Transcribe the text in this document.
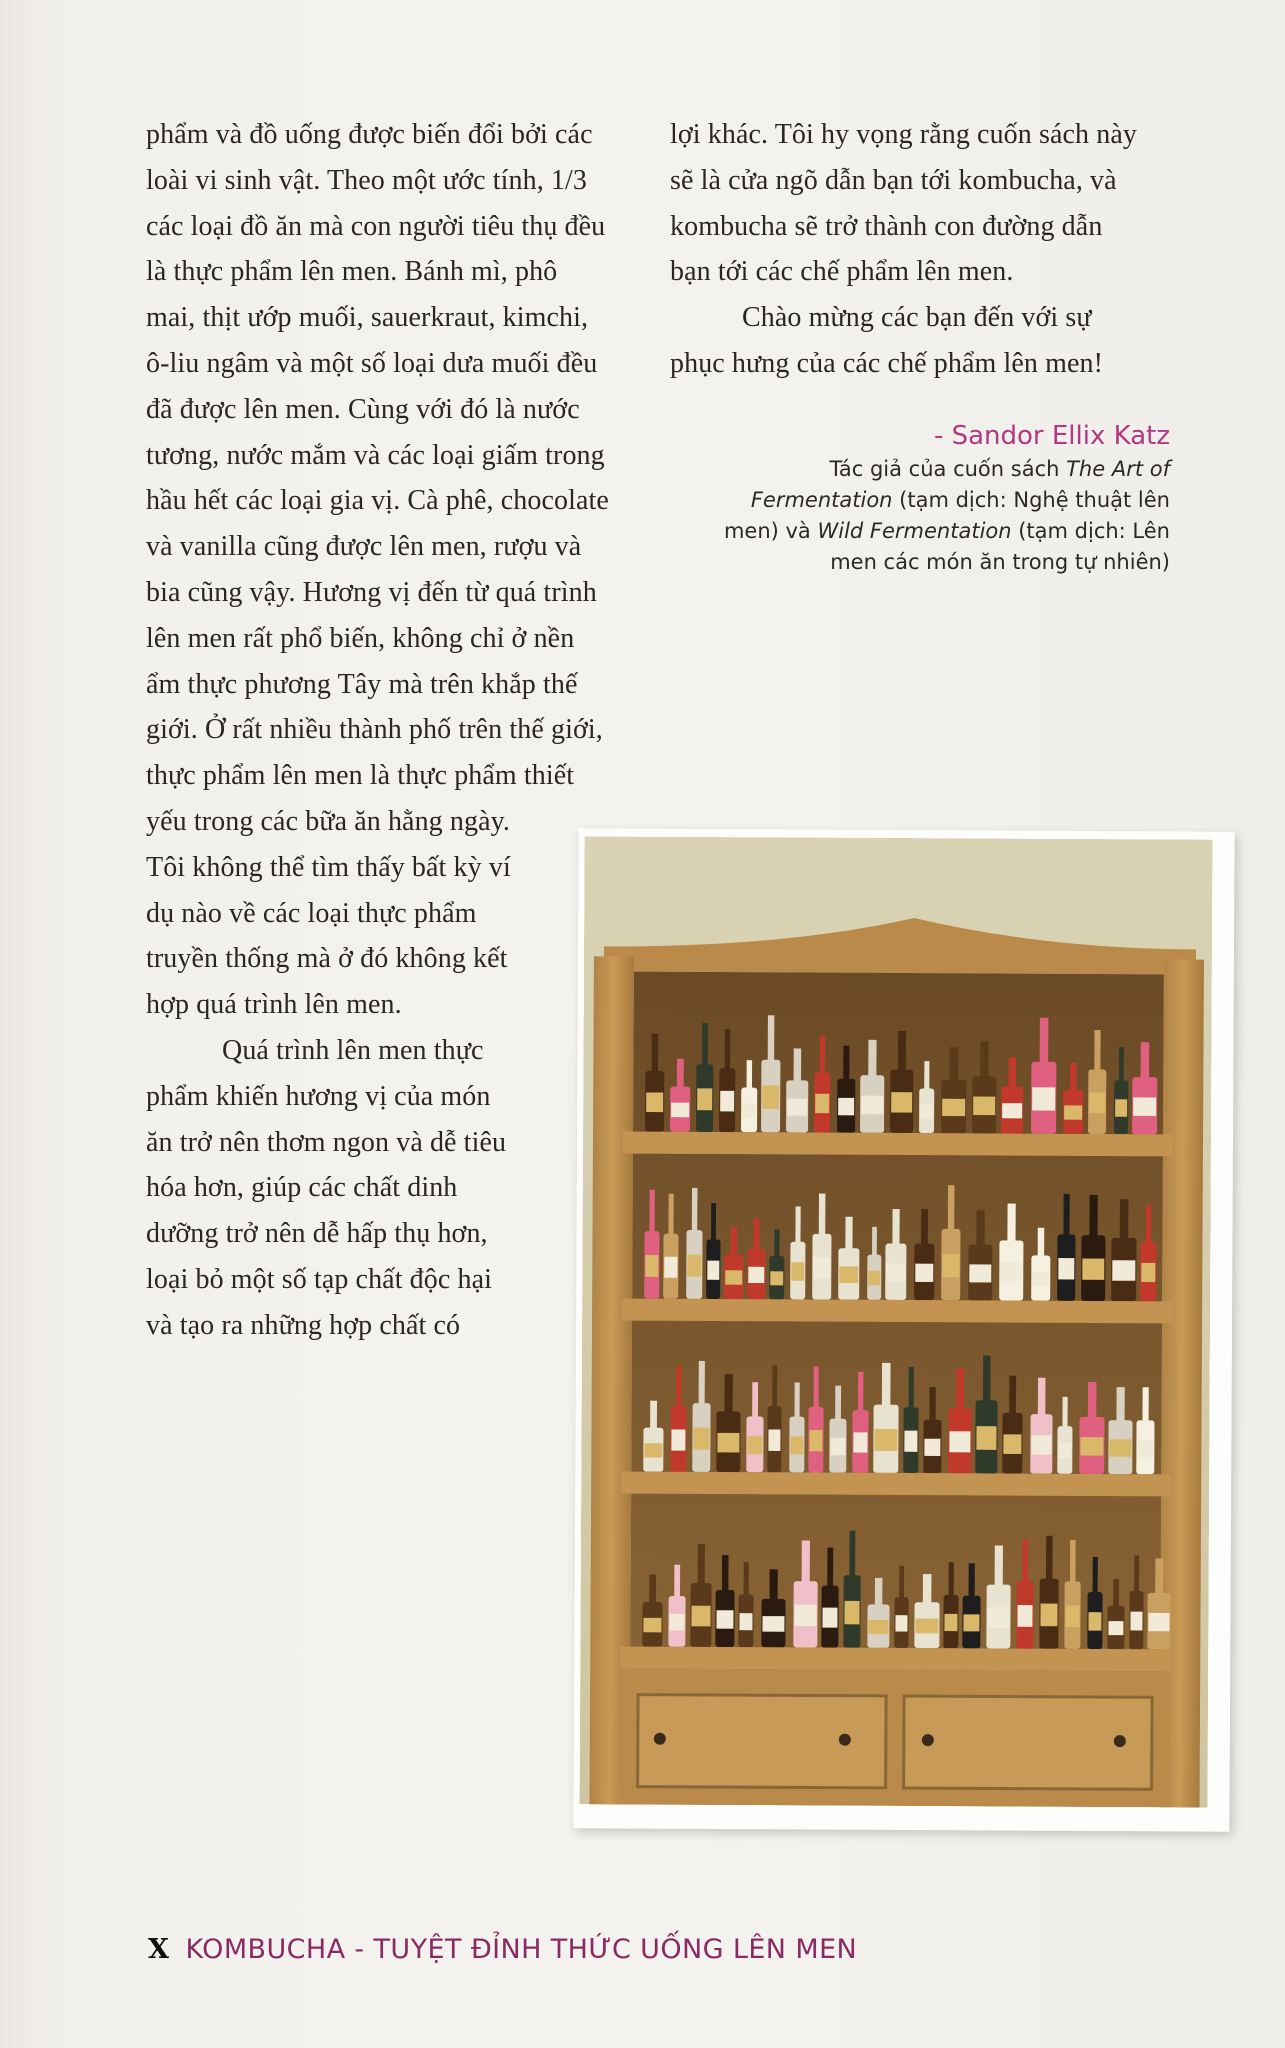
phẩm và đồ uống được biến đổi bởi các
loài vi sinh vật. Theo một ước tính, 1/3
các loại đồ ăn mà con người tiêu thụ đều
là thực phẩm lên men. Bánh mì, phô
mai, thịt ướp muối, sauerkraut, kimchi,
ô-liu ngâm và một số loại dưa muối đều
đã được lên men. Cùng với đó là nước
tương, nước mắm và các loại giấm trong
hầu hết các loại gia vị. Cà phê, chocolate
và vanilla cũng được lên men, rượu và
bia cũng vậy. Hương vị đến từ quá trình
lên men rất phổ biến, không chỉ ở nền
ẩm thực phương Tây mà trên khắp thế
giới. Ở rất nhiều thành phố trên thế giới,
thực phẩm lên men là thực phẩm thiết
yếu trong các bữa ăn hằng ngày.
Tôi không thể tìm thấy bất kỳ ví
dụ nào về các loại thực phẩm
truyền thống mà ở đó không kết
hợp quá trình lên men.
Quá trình lên men thực
phẩm khiến hương vị của món
ăn trở nên thơm ngon và dễ tiêu
hóa hơn, giúp các chất dinh
dưỡng trở nên dễ hấp thụ hơn,
loại bỏ một số tạp chất độc hại
và tạo ra những hợp chất có
lợi khác. Tôi hy vọng rằng cuốn sách này
sẽ là cửa ngõ dẫn bạn tới kombucha, và
kombucha sẽ trở thành con đường dẫn
bạn tới các chế phẩm lên men.
Chào mừng các bạn đến với sự
phục hưng của các chế phẩm lên men!
- Sandor Ellix Katz
Tác giả của cuốn sách The Art of
Fermentation (tạm dịch: Nghệ thuật lên
men) và Wild Fermentation (tạm dịch: Lên
men các món ăn trong tự nhiên)
X KOMBUCHA - TUYỆT ĐỈNH THỨC UỐNG LÊN MEN
